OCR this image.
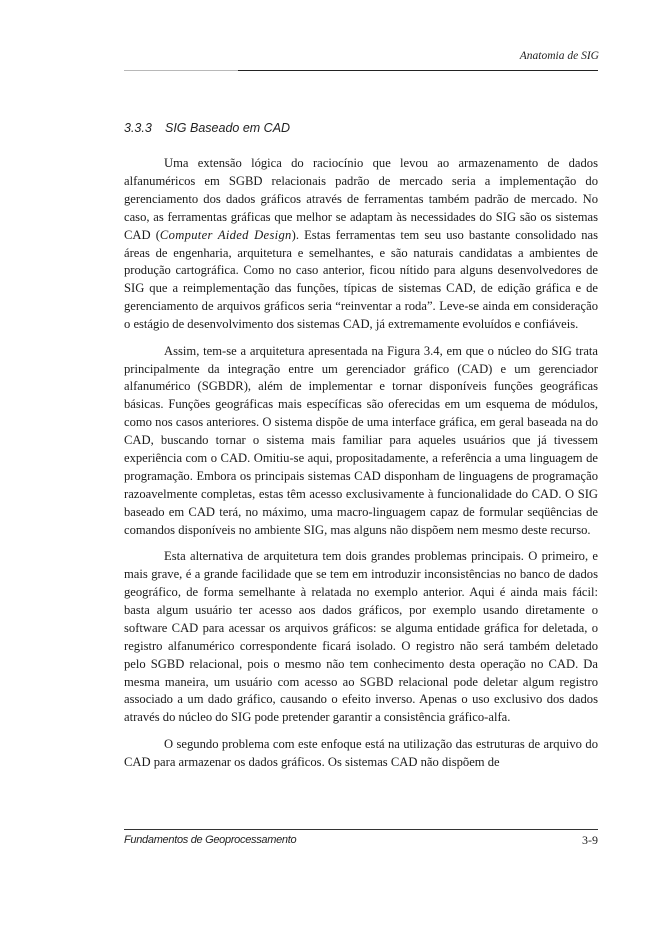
Anatomia de SIG
3.3.3 SIG Baseado em CAD

Uma extensão lógica do raciocínio que levou ao armazenamento de dados alfanuméricos em SGBD relacionais padrão de mercado seria a implementação do gerenciamento dos dados gráficos através de ferramentas também padrão de mercado. No caso, as ferramentas gráficas que melhor se adaptam às necessidades do SIG são os sistemas CAD (Computer Aided Design). Estas ferramentas tem seu uso bastante consolidado nas áreas de engenharia, arquitetura e semelhantes, e são naturais candidatas a ambientes de produção cartográfica. Como no caso anterior, ficou nítido para alguns desenvolvedores de SIG que a reimplementação das funções, típicas de sistemas CAD, de edição gráfica e de gerenciamento de arquivos gráficos seria “reinventar a roda”. Leve-se ainda em consideração o estágio de desenvolvimento dos sistemas CAD, já extremamente evoluídos e confiáveis.

Assim, tem-se a arquitetura apresentada na Figura 3.4, em que o núcleo do SIG trata principalmente da integração entre um gerenciador gráfico (CAD) e um gerenciador alfanumérico (SGBDR), além de implementar e tornar disponíveis funções geográficas básicas. Funções geográficas mais específicas são oferecidas em um esquema de módulos, como nos casos anteriores. O sistema dispõe de uma interface gráfica, em geral baseada na do CAD, buscando tornar o sistema mais familiar para aqueles usuários que já tivessem experiência com o CAD. Omitiu-se aqui, propositadamente, a referência a uma linguagem de programação. Embora os principais sistemas CAD disponham de linguagens de programação razoavelmente completas, estas têm acesso exclusivamente à funcionalidade do CAD. O SIG baseado em CAD terá, no máximo, uma macro-linguagem capaz de formular seqüências de comandos disponíveis no ambiente SIG, mas alguns não dispõem nem mesmo deste recurso.

Esta alternativa de arquitetura tem dois grandes problemas principais. O primeiro, e mais grave, é a grande facilidade que se tem em introduzir inconsistências no banco de dados geográfico, de forma semelhante à relatada no exemplo anterior. Aqui é ainda mais fácil: basta algum usuário ter acesso aos dados gráficos, por exemplo usando diretamente o software CAD para acessar os arquivos gráficos: se alguma entidade gráfica for deletada, o registro alfanumérico correspondente ficará isolado. O registro não será também deletado pelo SGBD relacional, pois o mesmo não tem conhecimento desta operação no CAD. Da mesma maneira, um usuário com acesso ao SGBD relacional pode deletar algum registro associado a um dado gráfico, causando o efeito inverso. Apenas o uso exclusivo dos dados através do núcleo do SIG pode pretender garantir a consistência gráfico-alfa.

O segundo problema com este enfoque está na utilização das estruturas de arquivo do CAD para armazenar os dados gráficos. Os sistemas CAD não dispõem de

Fundamentos de Geoprocessamento	3-9
